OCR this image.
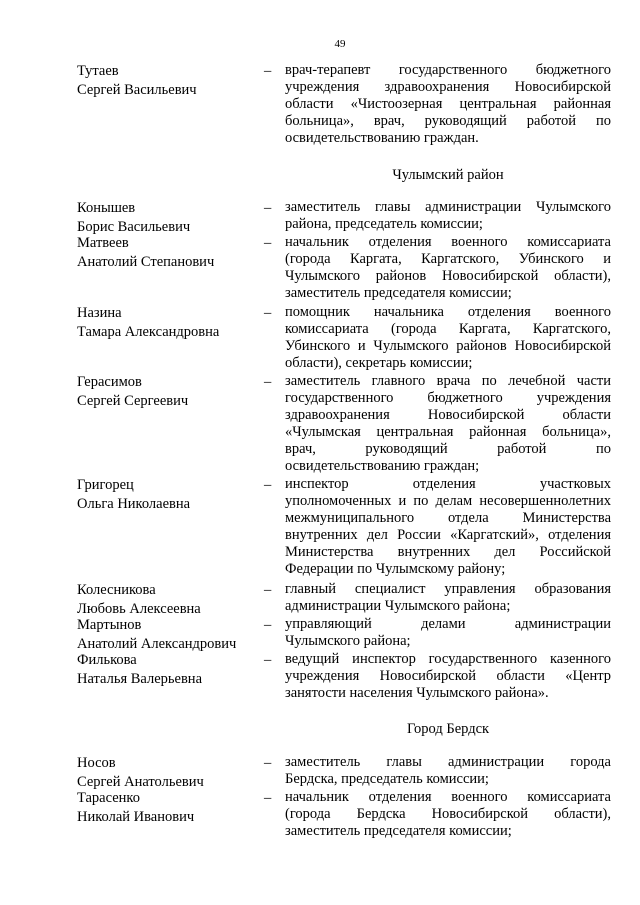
49
Чулымский район
Город Бердск
Тутаев
Сергей Васильевич
– врач-терапевт государственного бюджетного
учреждения здравоохранения Новосибирской
области «Чистоозерная центральная районная
больница», врач, руководящий работой по
освидетельствованию граждан.
Конышев
Борис Васильевич
– заместитель главы администрации Чулымского
района, председатель комиссии;
Матвеев
Анатолий Степанович
– начальник отделения военного комиссариата
(города Каргата, Каргатского, Убинского и
Чулымского районов Новосибирской области),
заместитель председателя комиссии;
Назина
Тамара Александровна
– помощник начальника отделения военного
комиссариата (города Каргата, Каргатского,
Убинского и Чулымского районов Новосибирской
области), секретарь комиссии;
Герасимов
Сергей Сергеевич
– заместитель главного врача по лечебной части
государственного бюджетного учреждения
здравоохранения Новосибирской области
«Чулымская центральная районная больница»,
врач, руководящий работой по
освидетельствованию граждан;
Григорец
Ольга Николаевна
– инспектор отделения участковых
уполномоченных и по делам несовершеннолетних
межмуниципального отдела Министерства
внутренних дел России «Каргатский», отделения
Министерства внутренних дел Российской
Федерации по Чулымскому району;
Колесникова
Любовь Алексеевна
– главный специалист управления образования
администрации Чулымского района;
Мартынов
Анатолий Александрович
– управляющий делами администрации
Чулымского района;
Филькова
Наталья Валерьевна
– ведущий инспектор государственного казенного
учреждения Новосибирской области «Центр
занятости населения Чулымского района».
Носов
Сергей Анатольевич
– заместитель главы администрации города
Бердска, председатель комиссии;
Тарасенко
Николай Иванович
– начальник отделения военного комиссариата
(города Бердска Новосибирской области),
заместитель председателя комиссии;
